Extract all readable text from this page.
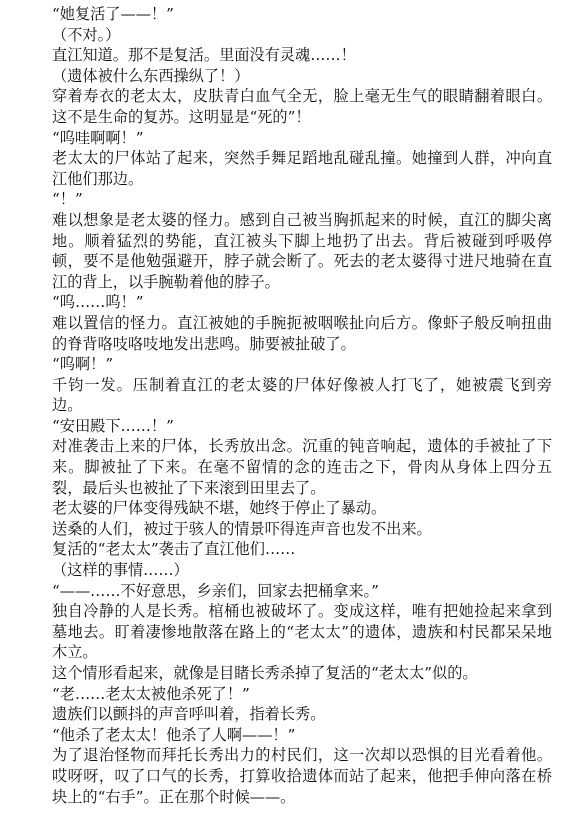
“她复活了——！”

（不对。）

直江知道。那不是复活。里面没有灵魂……！

（遗体被什么东西操纵了！）

穿着寿衣的老太太，皮肤青白血气全无，脸上毫无生气的眼睛翻着眼白。这不是生命的复苏。这明显是“死的”！

“呜哇啊啊！”

老太太的尸体站了起来，突然手舞足蹈地乱碰乱撞。她撞到人群，冲向直江他们那边。

“！”

难以想象是老太婆的怪力。感到自己被当胸抓起来的时候，直江的脚尖离地。顺着猛烈的势能，直江被头下脚上地扔了出去。背后被碰到呼吸停顿，要不是他勉强避开，脖子就会断了。死去的老太婆得寸进尺地骑在直江的背上，以手腕勒着他的脖子。

“呜……呜！”

难以置信的怪力。直江被她的手腕扼被咽喉扯向后方。像虾子般反响扭曲的脊背咯吱咯吱地发出悲鸣。肺要被扯破了。

“呜啊！”

千钧一发。压制着直江的老太婆的尸体好像被人打飞了，她被震飞到旁边。

“安田殿下……！”

对准袭击上来的尸体，长秀放出念。沉重的钝音响起，遗体的手被扯了下来。脚被扯了下来。在毫不留情的念的连击之下，骨肉从身体上四分五裂，最后头也被扯了下来滚到田里去了。

老太婆的尸体变得残缺不堪，她终于停止了暴动。

送桑的人们，被过于骇人的情景吓得连声音也发不出来。

复活的“老太太”袭击了直江他们……

（这样的事情……）

“——……不好意思，乡亲们，回家去把桶拿来。”

独自冷静的人是长秀。棺桶也被破坏了。变成这样，唯有把她捡起来拿到墓地去。盯着凄惨地散落在路上的“老太太”的遗体，遗族和村民都呆呆地木立。

这个情形看起来，就像是目睹长秀杀掉了复活的“老太太”似的。

“老……老太太被他杀死了！”

遗族们以颤抖的声音呼叫着，指着长秀。

“他杀了老太太！他杀了人啊——！”

为了退治怪物而拜托长秀出力的村民们，这一次却以恐惧的目光看着他。哎呀呀，叹了口气的长秀，打算收拾遗体而站了起来，他把手伸向落在桥块上的“右手”。正在那个时候——。
